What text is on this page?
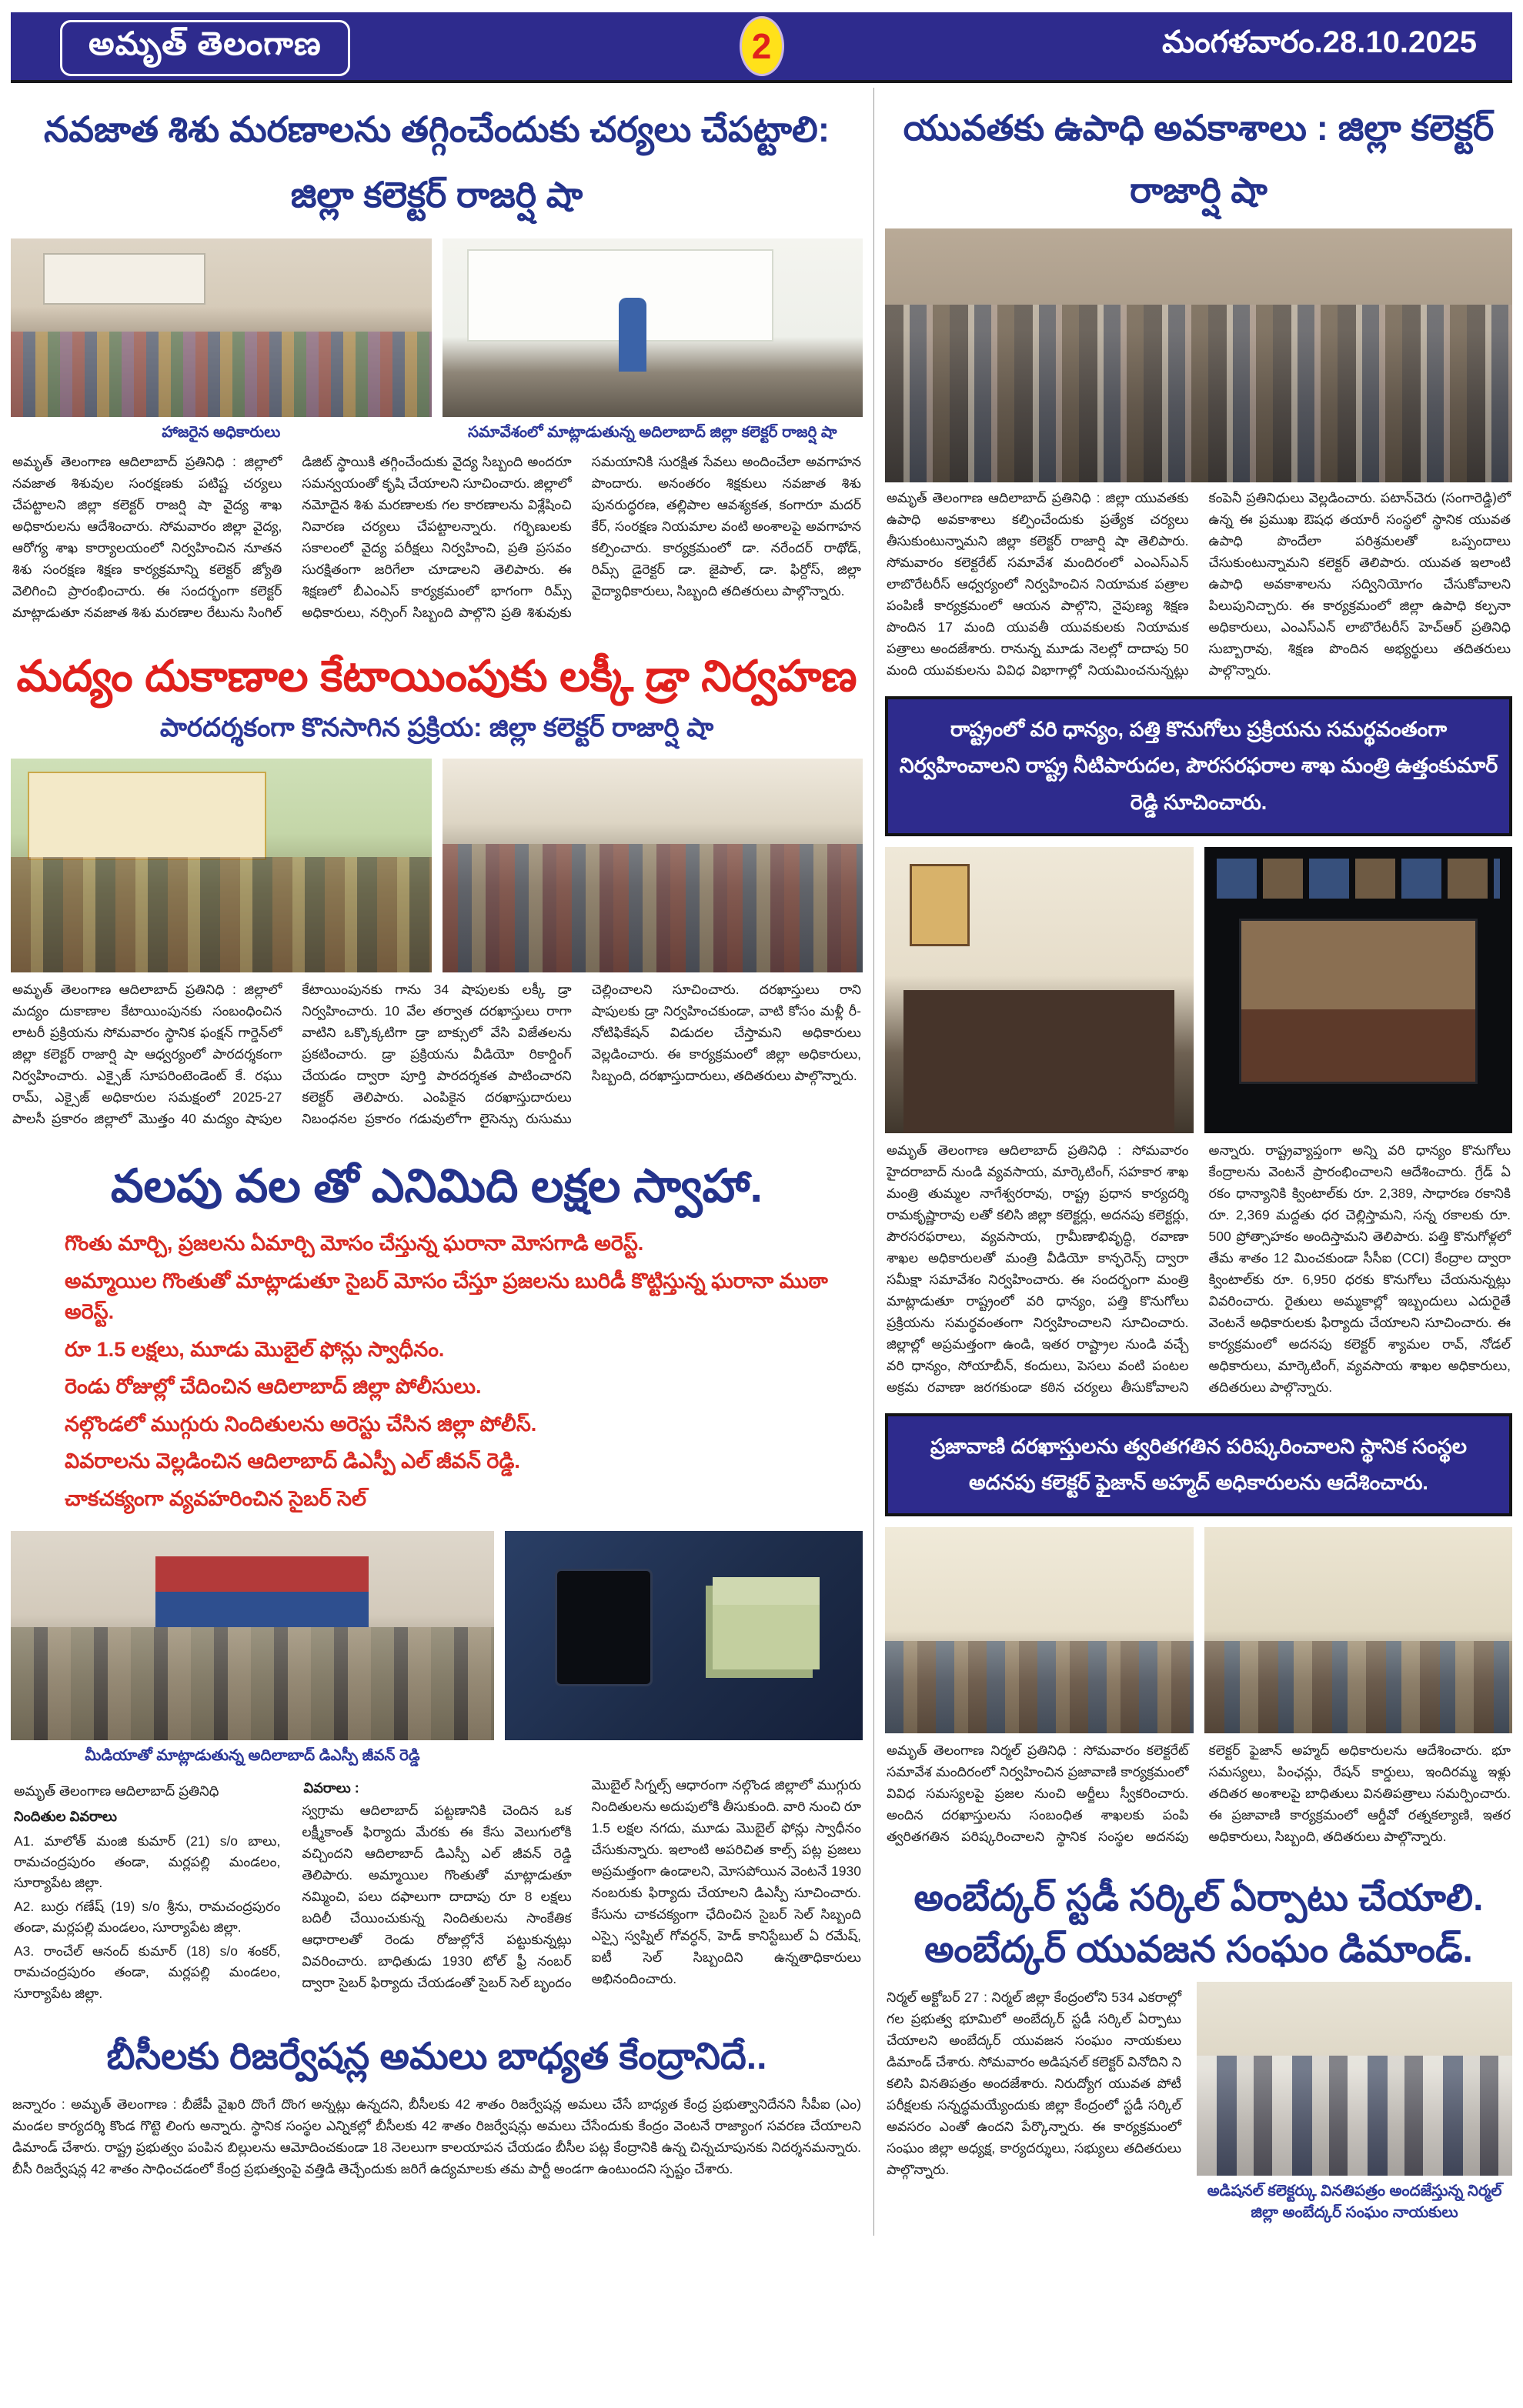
అమృత్ తెలంగాణ	2	మంగళవారం.28.10.2025
నవజాత శిశు మరణాలను తగ్గించేందుకు చర్యలు చేపట్టాలి: జిల్లా కలెక్టర్ రాజర్షి షా
హాజరైన అధికారులు	సమావేశంలో మాట్లాడుతున్న అదిలాబాద్ జిల్లా కలెక్టర్ రాజర్షి షా
అమృత్ తెలంగాణ ఆదిలాబాద్ ప్రతినిధి : జిల్లాలో నవజాత శిశువుల సంరక్షణకు పటిష్ట చర్యలు చేపట్టాలని జిల్లా కలెక్టర్ రాజర్షి షా వైద్య శాఖ అధికారులను ఆదేశించారు. సోమవారం జిల్లా వైద్య, ఆరోగ్య శాఖ కార్యాలయంలో నిర్వహించిన నూతన శిశు సంరక్షణ శిక్షణ కార్యక్రమాన్ని కలెక్టర్ జ్యోతి వెలిగించి ప్రారంభించారు. ఈ సందర్భంగా కలెక్టర్ మాట్లాడుతూ నవజాత శిశు మరణాల రేటును సింగిల్ డిజిట్ స్థాయికి తగ్గించేందుకు వైద్య సిబ్బంది అందరూ సమన్వయంతో కృషి చేయాలని సూచించారు. జిల్లాలో నమోదైన శిశు మరణాలకు గల కారణాలను విశ్లేషించి నివారణ చర్యలు చేపట్టాలన్నారు. గర్భిణులకు సకాలంలో వైద్య పరీక్షలు నిర్వహించి, ప్రతి ప్రసవం సురక్షితంగా జరిగేలా చూడాలని తెలిపారు. ఈ శిక్షణలో బీఎంఎస్ కార్యక్రమంలో భాగంగా రిమ్స్ అధికారులు, నర్సింగ్ సిబ్బంది పాల్గొని ప్రతి శిశువుకు సమయానికి సురక్షిత సేవలు అందించేలా అవగాహన పొందారు. అనంతరం శిక్షకులు నవజాత శిశు పునరుద్ధరణ, తల్లిపాల ఆవశ్యకత, కంగారూ మదర్ కేర్, సంరక్షణ నియమాల వంటి అంశాలపై అవగాహన కల్పించారు. కార్యక్రమంలో డా. నరేందర్ రాథోడ్, రిమ్స్ డైరెక్టర్ డా. జైపాల్, డా. ఫిర్దోస్, జిల్లా వైద్యాధికారులు, సిబ్బంది తదితరులు పాల్గొన్నారు.
మద్యం దుకాణాల కేటాయింపుకు లక్కీ డ్రా నిర్వహణ
పారదర్శకంగా కొనసాగిన ప్రక్రియ: జిల్లా కలెక్టర్ రాజార్షి షా
అమృత్ తెలంగాణ ఆదిలాబాద్ ప్రతినిధి : జిల్లాలో మద్యం దుకాణాల కేటాయింపునకు సంబంధించిన లాటరీ ప్రక్రియను సోమవారం స్థానిక ఫంక్షన్ గార్డెన్‌లో జిల్లా కలెక్టర్ రాజార్షి షా ఆధ్వర్యంలో పారదర్శకంగా నిర్వహించారు. ఎక్సైజ్ సూపరింటెండెంట్ కే. రఘు రామ్, ఎక్సైజ్ అధికారుల సమక్షంలో 2025-27 పాలసీ ప్రకారం జిల్లాలో మొత్తం 40 మద్యం షాపుల కేటాయింపునకు గాను 34 షాపులకు లక్కీ డ్రా నిర్వహించారు. 10 వేల తర్వాత దరఖాస్తులు రాగా వాటిని ఒక్కొక్కటిగా డ్రా బాక్సులో వేసి విజేతలను ప్రకటించారు. డ్రా ప్రక్రియను వీడియో రికార్డింగ్ చేయడం ద్వారా పూర్తి పారదర్శకత పాటించారని కలెక్టర్ తెలిపారు. ఎంపికైన దరఖాస్తుదారులు నిబంధనల ప్రకారం గడువులోగా లైసెన్సు రుసుము చెల్లించాలని సూచించారు. దరఖాస్తులు రాని షాపులకు డ్రా నిర్వహించకుండా, వాటి కోసం మళ్లీ రీ-నోటిఫికేషన్ విడుదల చేస్తామని అధికారులు వెల్లడించారు. ఈ కార్యక్రమంలో జిల్లా అధికారులు, సిబ్బంది, దరఖాస్తుదారులు, తదితరులు పాల్గొన్నారు.
వలపు వల తో ఎనిమిది లక్షల స్వాహా.
గొంతు మార్చి, ప్రజలను ఏమార్చి మోసం చేస్తున్న ఘరానా మోసగాడి అరెస్ట్.
అమ్మాయిల గొంతుతో మాట్లాడుతూ సైబర్ మోసం చేస్తూ ప్రజలను బురిడీ కొట్టిస్తున్న ఘరానా ముఠా అరెస్ట్.
రూ 1.5 లక్షలు, మూడు మొబైల్ ఫోన్లు స్వాధీనం.
రెండు రోజుల్లో చేదించిన ఆదిలాబాద్ జిల్లా పోలీసులు.
నల్గొండలో ముగ్గురు నిందితులను అరెస్టు చేసిన జిల్లా పోలీస్.
వివరాలను వెల్లడించిన ఆదిలాబాద్ డిఎస్పీ ఎల్ జీవన్ రెడ్డి.
చాకచక్యంగా వ్యవహరించిన సైబర్ సెల్
మీడియాతో మాట్లాడుతున్న అదిలాబాద్ డిఎస్పీ జీవన్ రెడ్డి
అమృత్ తెలంగాణ ఆదిలాబాద్ ప్రతినిధి
నిందితుల వివరాలు
A1. మాలోత్ మంజి కుమార్ (21) s/o బాలు, రామచంద్రపురం తండా, మర్లపల్లి మండలం, సూర్యాపేట జిల్లా.
A2. బుర్రు గణేష్ (19) s/o శ్రీను, రామచంద్రపురం తండా, మర్లపల్లి మండలం, సూర్యాపేట జిల్లా.
A3. రాంచేల్ ఆనంద్ కుమార్ (18) s/o శంకర్, రామచంద్రపురం తండా, మర్లపల్లి మండలం, సూర్యాపేట జిల్లా.
వివరాలు :
స్వగ్రామ ఆదిలాబాద్ పట్టణానికి చెందిన ఒక లక్ష్మీకాంత్ ఫిర్యాదు మేరకు ఈ కేసు వెలుగులోకి వచ్చిందని ఆదిలాబాద్ డిఎస్పీ ఎల్ జీవన్ రెడ్డి తెలిపారు. అమ్మాయిల గొంతుతో మాట్లాడుతూ నమ్మించి, పలు దఫాలుగా దాదాపు రూ 8 లక్షలు బదిలీ చేయించుకున్న నిందితులను సాంకేతిక ఆధారాలతో రెండు రోజుల్లోనే పట్టుకున్నట్లు వివరించారు. బాధితుడు 1930 టోల్ ఫ్రీ నంబర్ ద్వారా సైబర్ ఫిర్యాదు చేయడంతో సైబర్ సెల్ బృందం మొబైల్ సిగ్నల్స్ ఆధారంగా నల్గొండ జిల్లాలో ముగ్గురు నిందితులను అదుపులోకి తీసుకుంది. వారి నుంచి రూ 1.5 లక్షల నగదు, మూడు మొబైల్ ఫోన్లు స్వాధీనం చేసుకున్నారు. ఇలాంటి అపరిచిత కాల్స్ పట్ల ప్రజలు అప్రమత్తంగా ఉండాలని, మోసపోయిన వెంటనే 1930 నంబరుకు ఫిర్యాదు చేయాలని డిఎస్పీ సూచించారు. కేసును చాకచక్యంగా ఛేదించిన సైబర్ సెల్ సిబ్బంది ఎస్సై స్వప్నిల్ గోవర్ధన్, హెడ్ కానిస్టేబుల్ ఏ రమేష్, ఐటీ సెల్ సిబ్బందిని ఉన్నతాధికారులు అభినందించారు.
బీసీలకు రిజర్వేషన్ల అమలు బాధ్యత కేంద్రానిదే..
జన్నారం : అమృత్ తెలంగాణ : బీజేపీ వైఖరి దొంగే దొంగ అన్నట్లు ఉన్నదని, బీసీలకు 42 శాతం రిజర్వేషన్ల అమలు చేసే బాధ్యత కేంద్ర ప్రభుత్వానిదేనని సీపీఐ (ఎం) మండల కార్యదర్శి కొండ గొట్టె లింగు అన్నారు. స్థానిక సంస్థల ఎన్నికల్లో బీసీలకు 42 శాతం రిజర్వేషన్లు అమలు చేసేందుకు కేంద్రం వెంటనే రాజ్యాంగ సవరణ చేయాలని డిమాండ్ చేశారు. రాష్ట్ర ప్రభుత్వం పంపిన బిల్లులను ఆమోదించకుండా 18 నెలలుగా కాలయాపన చేయడం బీసీల పట్ల కేంద్రానికి ఉన్న చిన్నచూపునకు నిదర్శనమన్నారు. బీసీ రిజర్వేషన్ల 42 శాతం సాధించడంలో కేంద్ర ప్రభుత్వంపై వత్తిడి తెచ్చేందుకు జరిగే ఉద్యమాలకు తమ పార్టీ అండగా ఉంటుందని స్పష్టం చేశారు.
యువతకు ఉపాధి అవకాశాలు : జిల్లా కలెక్టర్ రాజార్షి షా
అమృత్ తెలంగాణ ఆదిలాబాద్ ప్రతినిధి : జిల్లా యువతకు ఉపాధి అవకాశాలు కల్పించేందుకు ప్రత్యేక చర్యలు తీసుకుంటున్నామని జిల్లా కలెక్టర్ రాజార్షి షా తెలిపారు. సోమవారం కలెక్టరేట్ సమావేశ మందిరంలో ఎంఎస్ఎన్ లాబొరేటరీస్ ఆధ్వర్యంలో నిర్వహించిన నియామక పత్రాల పంపిణీ కార్యక్రమంలో ఆయన పాల్గొని, నైపుణ్య శిక్షణ పొందిన 17 మంది యువతీ యువకులకు నియామక పత్రాలు అందజేశారు. రానున్న మూడు నెలల్లో దాదాపు 50 మంది యువకులను వివిధ విభాగాల్లో నియమించనున్నట్లు కంపెనీ ప్రతినిధులు వెల్లడించారు. పటాన్‌చెరు (సంగారెడ్డి)లో ఉన్న ఈ ప్రముఖ ఔషధ తయారీ సంస్థలో స్థానిక యువత ఉపాధి పొందేలా పరిశ్రమలతో ఒప్పందాలు చేసుకుంటున్నామని కలెక్టర్ తెలిపారు. యువత ఇలాంటి ఉపాధి అవకాశాలను సద్వినియోగం చేసుకోవాలని పిలుపునిచ్చారు. ఈ కార్యక్రమంలో జిల్లా ఉపాధి కల్పనా అధికారులు, ఎంఎస్ఎన్ లాబొరేటరీస్ హెచ్ఆర్ ప్రతినిధి సుబ్బారావు, శిక్షణ పొందిన అభ్యర్థులు తదితరులు పాల్గొన్నారు.
రాష్ట్రంలో వరి ధాన్యం, పత్తి కొనుగోలు ప్రక్రియను సమర్థవంతంగా నిర్వహించాలని రాష్ట్ర నీటిపారుదల, పౌరసరఫరాల శాఖ మంత్రి ఉత్తంకుమార్ రెడ్డి సూచించారు.
అమృత్ తెలంగాణ ఆదిలాబాద్ ప్రతినిధి : సోమవారం హైదరాబాద్ నుండి వ్యవసాయ, మార్కెటింగ్, సహకార శాఖ మంత్రి తుమ్మల నాగేశ్వరరావు, రాష్ట్ర ప్రధాన కార్యదర్శి రామకృష్ణారావు లతో కలిసి జిల్లా కలెక్టర్లు, అదనపు కలెక్టర్లు, పౌరసరఫరాలు, వ్యవసాయ, గ్రామీణాభివృద్ధి, రవాణా శాఖల అధికారులతో మంత్రి వీడియో కాన్ఫరెన్స్ ద్వారా సమీక్షా సమావేశం నిర్వహించారు. ఈ సందర్భంగా మంత్రి మాట్లాడుతూ రాష్ట్రంలో వరి ధాన్యం, పత్తి కొనుగోలు ప్రక్రియను సమర్థవంతంగా నిర్వహించాలని సూచించారు. జిల్లాల్లో అప్రమత్తంగా ఉండి, ఇతర రాష్ట్రాల నుండి వచ్చే వరి ధాన్యం, సోయాబీన్, కందులు, పెసలు వంటి పంటల అక్రమ రవాణా జరగకుండా కఠిన చర్యలు తీసుకోవాలని అన్నారు. రాష్ట్రవ్యాప్తంగా అన్ని వరి ధాన్యం కొనుగోలు కేంద్రాలను వెంటనే ప్రారంభించాలని ఆదేశించారు. గ్రేడ్ ఏ రకం ధాన్యానికి క్వింటాల్‌కు రూ. 2,389, సాధారణ రకానికి రూ. 2,369 మద్దతు ధర చెల్లిస్తామని, సన్న రకాలకు రూ. 500 ప్రోత్సాహకం అందిస్తామని తెలిపారు. పత్తి కొనుగోళ్లలో తేమ శాతం 12 మించకుండా సీసీఐ (CCI) కేంద్రాల ద్వారా క్వింటాల్‌కు రూ. 6,950 ధరకు కొనుగోలు చేయనున్నట్లు వివరించారు. రైతులు అమ్మకాల్లో ఇబ్బందులు ఎదురైతే వెంటనే అధికారులకు ఫిర్యాదు చేయాలని సూచించారు. ఈ కార్యక్రమంలో అదనపు కలెక్టర్ శ్యామల రావ్, నోడల్ అధికారులు, మార్కెటింగ్, వ్యవసాయ శాఖల అధికారులు, తదితరులు పాల్గొన్నారు.
ప్రజావాణి దరఖాస్తులను త్వరితగతిన పరిష్కరించాలని స్థానిక సంస్థల అదనపు కలెక్టర్ ఫైజాన్ అహ్మద్ అధికారులను ఆదేశించారు.
అమృత్ తెలంగాణ నిర్మల్ ప్రతినిధి : సోమవారం కలెక్టరేట్ సమావేశ మందిరంలో నిర్వహించిన ప్రజావాణి కార్యక్రమంలో వివిధ సమస్యలపై ప్రజల నుంచి అర్జీలు స్వీకరించారు. అందిన దరఖాస్తులను సంబంధిత శాఖలకు పంపి త్వరితగతిన పరిష్కరించాలని స్థానిక సంస్థల అదనపు కలెక్టర్ ఫైజాన్ అహ్మద్ అధికారులను ఆదేశించారు. భూ సమస్యలు, పింఛన్లు, రేషన్ కార్డులు, ఇందిరమ్మ ఇళ్లు తదితర అంశాలపై బాధితులు వినతిపత్రాలు సమర్పించారు. ఈ ప్రజావాణి కార్యక్రమంలో ఆర్డీవో రత్నకల్యాణి, ఇతర అధికారులు, సిబ్బంది, తదితరులు పాల్గొన్నారు.
అంబేద్కర్ స్టడీ సర్కిల్ ఏర్పాటు చేయాలి.
అంబేద్కర్ యువజన సంఘం డిమాండ్.
నిర్మల్ అక్టోబర్ 27 : నిర్మల్ జిల్లా కేంద్రంలోని 534 ఎకరాల్లో గల ప్రభుత్వ భూమిలో అంబేద్కర్ స్టడీ సర్కిల్ ఏర్పాటు చేయాలని అంబేద్కర్ యువజన సంఘం నాయకులు డిమాండ్ చేశారు. సోమవారం అడిషనల్ కలెక్టర్ వినోదిని ని కలిసి వినతిపత్రం అందజేశారు. నిరుద్యోగ యువత పోటీ పరీక్షలకు సన్నద్ధమయ్యేందుకు జిల్లా కేంద్రంలో స్టడీ సర్కిల్ అవసరం ఎంతో ఉందని పేర్కొన్నారు. ఈ కార్యక్రమంలో సంఘం జిల్లా అధ్యక్ష, కార్యదర్శులు, సభ్యులు తదితరులు పాల్గొన్నారు.
అడిషనల్ కలెక్టర్కు వినతిపత్రం అందజేస్తున్న నిర్మల్ జిల్లా అంబేద్కర్ సంఘం నాయకులు
